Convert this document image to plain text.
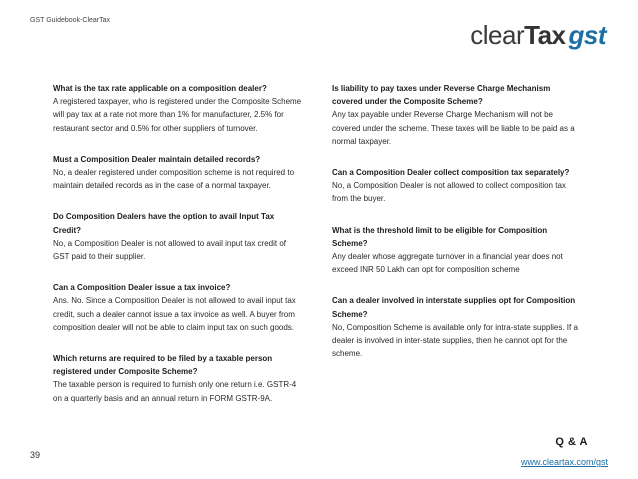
GST Guidebook-ClearTax	clearTax gst
What is the tax rate applicable on a composition dealer?
A registered taxpayer, who is registered under the Composite Scheme will pay tax at a rate not more than 1% for manufacturer, 2.5% for restaurant sector and 0.5% for other suppliers of turnover.
Must a Composition Dealer maintain detailed records?
No, a dealer registered under composition scheme is not required to maintain detailed records as in the case of a normal taxpayer.
Do Composition Dealers have the option to avail Input Tax Credit?
No, a Composition Dealer is not allowed to avail input tax credit of GST paid to their supplier.
Can a Composition Dealer issue a tax invoice?
Ans. No. Since a Composition Dealer is not allowed to avail input tax credit, such a dealer cannot issue a tax invoice as well. A buyer from composition dealer will not be able to claim input tax on such goods.
Which returns are required to be filed by a taxable person registered under Composite Scheme?
The taxable person is required to furnish only one return i.e. GSTR-4 on a quarterly basis and an annual return in FORM GSTR-9A.
Is liability to pay taxes under Reverse Charge Mechanism covered under the Composite Scheme?
Any tax payable under Reverse Charge Mechanism will not be covered under the scheme. These taxes will be liable to be paid as a normal taxpayer.
Can a Composition Dealer collect composition tax separately?
No, a Composition Dealer is not allowed to collect composition tax from the buyer.
What is the threshold limit to be eligible for Composition Scheme?
Any dealer whose aggregate turnover in a financial year does not exceed INR 50 Lakh can opt for composition scheme
Can a dealer involved in interstate supplies opt for Composition Scheme?
No, Composition Scheme is available only for intra-state supplies. If a dealer is involved in inter-state supplies, then he cannot opt for the scheme.
39
Q & A
www.cleartax.com/gst
